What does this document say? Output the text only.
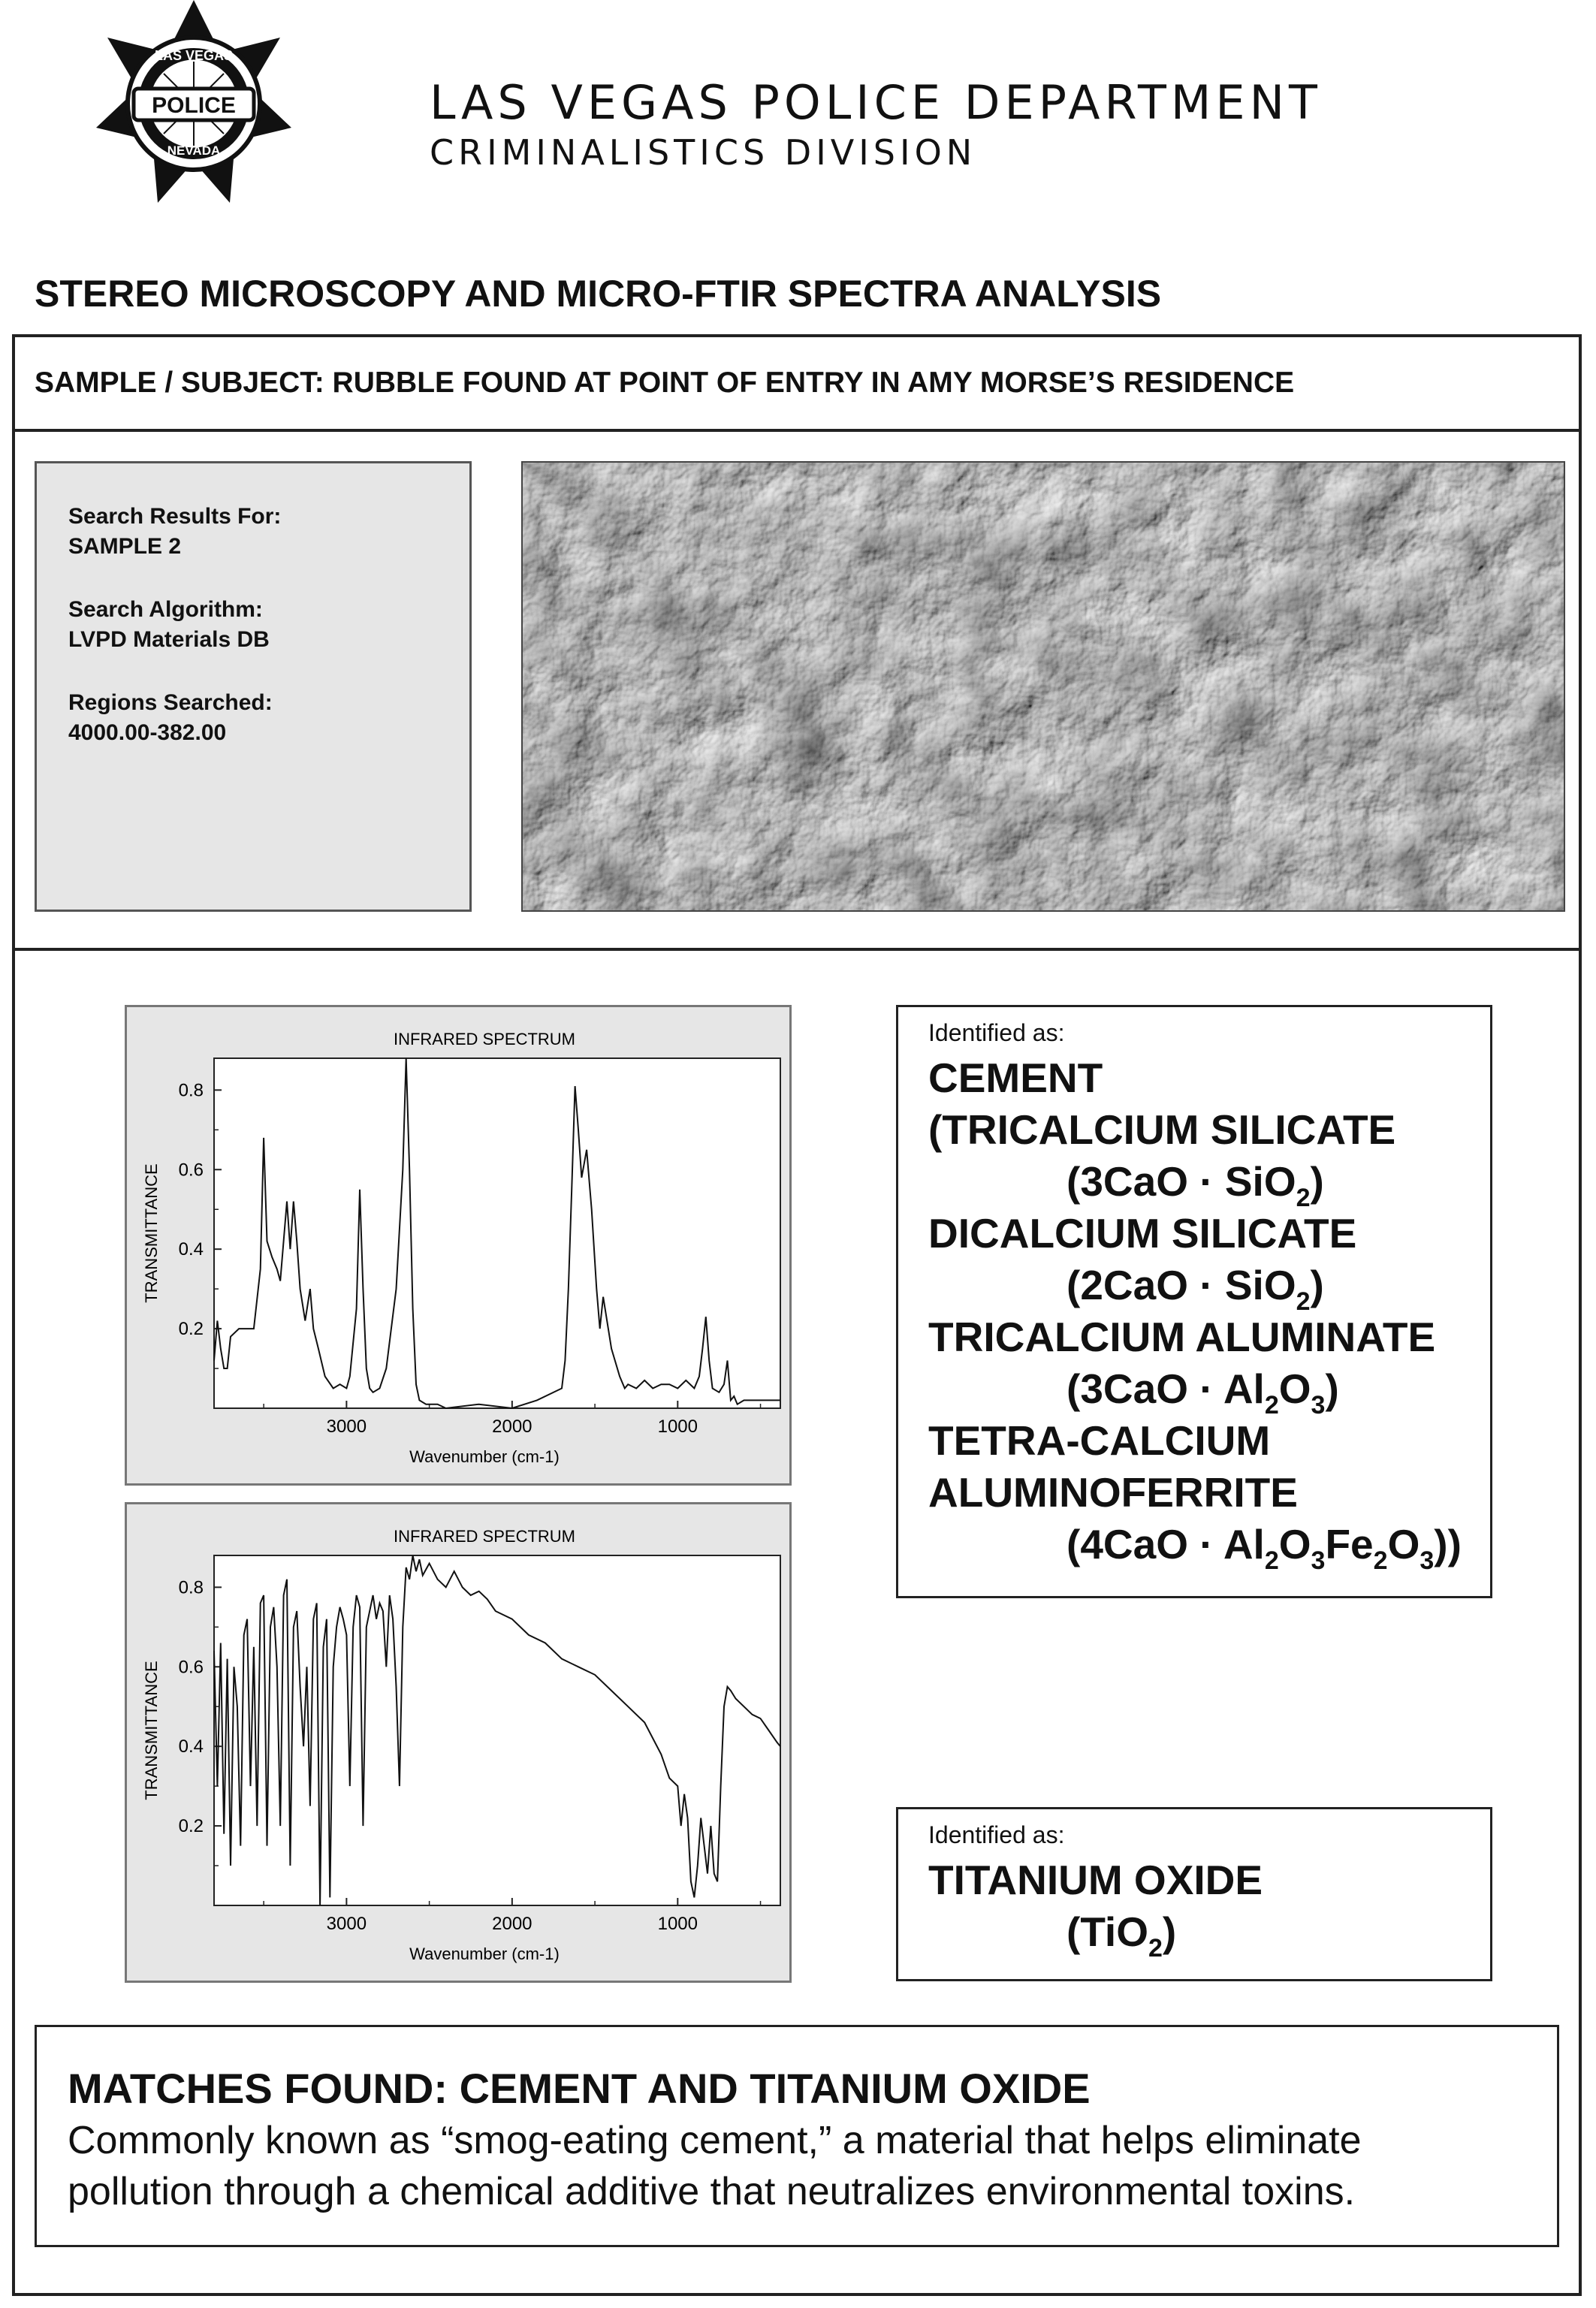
LAS VEGAS
POLICE
NEVADA
LAS VEGAS POLICE DEPARTMENT
CRIMINALISTICS DIVISION
STEREO MICROSCOPY AND MICRO-FTIR SPECTRA ANALYSIS
SAMPLE / SUBJECT: RUBBLE FOUND AT POINT OF ENTRY IN AMY MORSE’S RESIDENCE
Search Results For:
SAMPLE 2
Search Algorithm:
LVPD Materials DB
Regions Searched:
4000.00-382.00
INFRARED SPECTRUM
0.8
0.6
0.4
0.2
3000	2000	1000
Wavenumber (cm-1)
TRANSMITTANCE
INFRARED SPECTRUM
0.8
0.6
0.4
0.2
3000	2000	1000
Wavenumber (cm-1)
TRANSMITTANCE
Identified as:
CEMENT
(TRICALCIUM SILICATE
(3CaO · SiO$_2$)
DICALCIUM SILICATE
(2CaO · SiO$_2$)
TRICALCIUM ALUMINATE
$(3CaO \cdot Al_2O_3)$
TETRA-CALCIUM
ALUMINOFERRITE
$(4CaO \cdot Al_2O_3Fe_2O_3)$)
Identified as:
TITANIUM OXIDE
(TiO$_2$)
MATCHES FOUND: CEMENT AND TITANIUM OXIDE
Commonly known as “smog-eating cement,” a material that helps eliminate
pollution through a chemical additive that neutralizes environmental toxins.
